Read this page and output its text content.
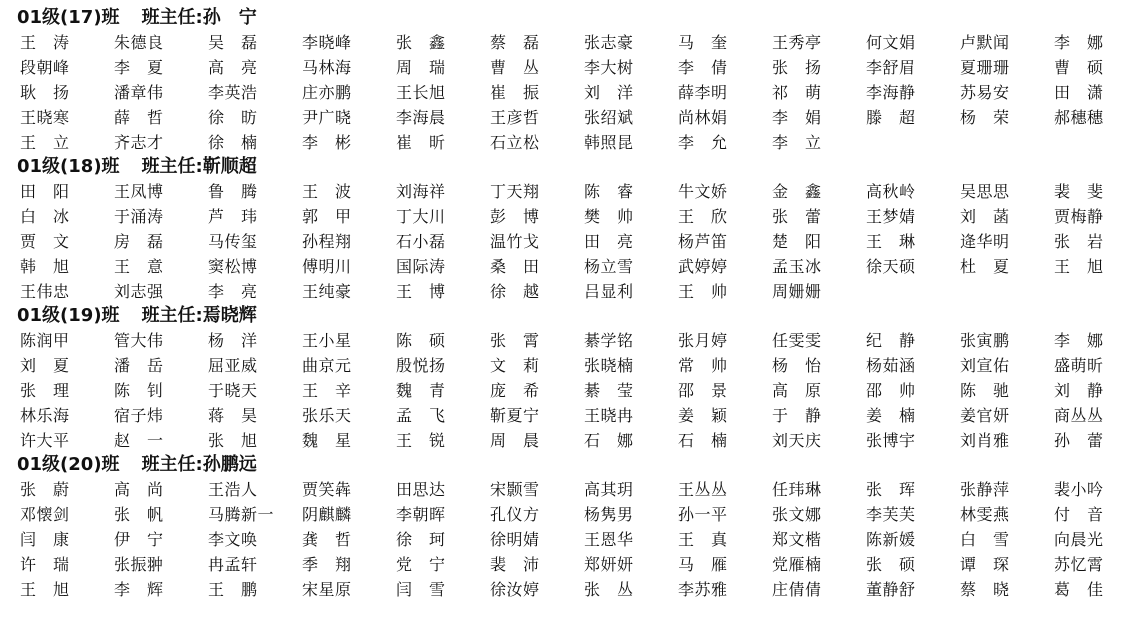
01级(17)班 班主任:孙　宁
王　涛	朱德良	吴　磊	李晓峰	张　鑫	蔡　磊	张志豪	马　奎	王秀亭	何文娟	卢默闻	李　娜
段朝峰	李　夏	高　亮	马林海	周　瑞	曹　丛	李大树	李　倩	张　扬	李舒眉	夏珊珊	曹　硕
耿　扬	潘章伟	李英浩	庄亦鹏	王长旭	崔　振	刘　洋	薛李明	祁　萌	李海静	苏易安	田　潇
王晓寒	薛　哲	徐　昉	尹广晓	李海晨	王彦哲	张绍斌	尚林娟	李　娟	滕　超	杨　荣	郝穗穗
王　立	齐志才	徐　楠	李　彬	崔　昕	石立松	韩照昆	李　允	李　立
01级(18)班 班主任:靳顺超
田　阳	王凤博	鲁　腾	王　波	刘海祥	丁天翔	陈　睿	牛文娇	金　鑫	高秋岭	吴思思	裴　斐
白　冰	于涌涛	芦　玮	郭　甲	丁大川	彭　博	樊　帅	王　欣	张　蕾	王梦婧	刘　菡	贾梅静
贾　文	房　磊	马传玺	孙程翔	石小磊	温竹戈	田　亮	杨芦笛	楚　阳	王　琳	逄华明	张　岩
韩　旭	王　意	窦松博	傅明川	国际涛	桑　田	杨立雪	武婷婷	孟玉冰	徐天硕	杜　夏	王　旭
王伟忠	刘志强	李　亮	王纯豪	王　博	徐　越	吕显利	王　帅	周姗姗
01级(19)班 班主任:焉晓辉
陈润甲	管大伟	杨　洋	王小星	陈　硕	张　霄	綦学铭	张月婷	任雯雯	纪　静	张寅鹏	李　娜
刘　夏	潘　岳	屈亚威	曲京元	殷悦扬	文　莉	张晓楠	常　帅	杨　怡	杨茹涵	刘宣佑	盛萌昕
张　理	陈　钊	于晓天	王　辛	魏　青	庞　希	綦　莹	邵　景	高　原	邵　帅	陈　驰	刘　静
林乐海	宿子炜	蒋　昊	张乐天	孟　飞	靳夏宁	王晓冉	姜　颖	于　静	姜　楠	姜官妍	商丛丛
许大平	赵　一	张　旭	魏　星	王　锐	周　晨	石　娜	石　楠	刘天庆	张博宇	刘肖雅	孙　蕾
01级(20)班 班主任:孙鹏远
张　蔚	高　尚	王浩人	贾笑犇	田思达	宋颢雪	高其玥	王丛丛	任玮琳	张　珲	张静萍	裴小吟
邓懐剑	张　帆	马腾新一	阴麒麟	李朝晖	孔仪方	杨隽男	孙一平	张文娜	李芙芙	林雯燕	付　音
闫　康	伊　宁	李文唤	龚　哲	徐　珂	徐明婧	王恩华	王　真	郑文楷	陈新媛	白　雪	向晨光
许　瑞	张振翀	冉孟轩	季　翔	党　宁	裴　沛	郑妍妍	马　雁	党雁楠	张　硕	谭　琛	苏忆霄
王　旭	李　辉	王　鹏	宋星原	闫　雪	徐汝婷	张　丛	李苏雅	庄倩倩	董静舒	蔡　晓	葛　佳
